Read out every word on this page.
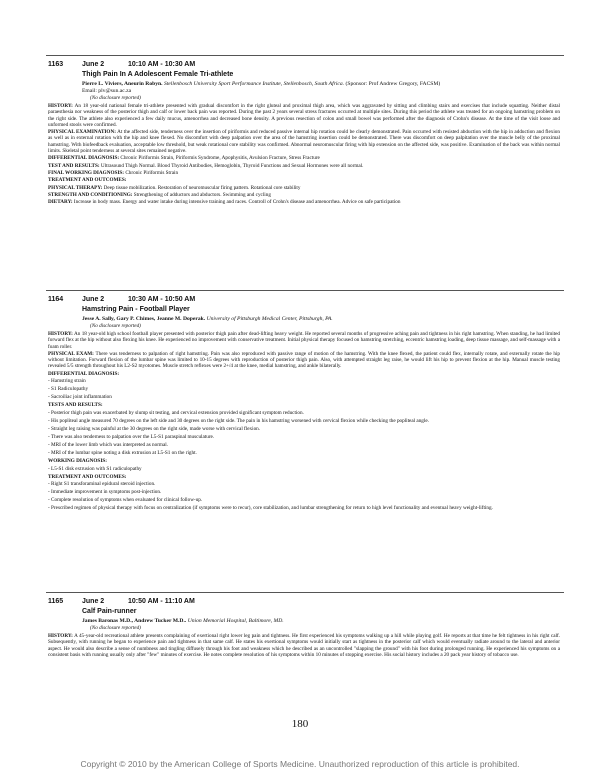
1163	June 2	10:10 AM - 10:30 AM
Thigh Pain In A Adolescent Female Tri-athlete
Pierre L. Viviers, Aneurin Robyn. Stellenbosch University Sport Performance Institute, Stellenbosch, South Africa. (Sponsor: Prof Andrew Gregory, FACSM)
Email: plv@sun.ac.za
(No disclosure reported)

HISTORY: An 18 year-old national female tri-athlete presented with gradual discomfort in the right gluteal and proximal thigh area, which was aggravated by sitting and climbing stairs and exercises that include squatting. Neither distal paraesthesia nor weakness of the posterior thigh and calf or lower back pain was reported. During the past 2 years several stress fractures occurred at multiple sites. During this period the athlete was treated for an ongoing hamstring problem on the right side. The athlete also experienced a few daily mucus, amenorrhea and decreased bone density. A previous resection of colon and small bowel was performed after the diagnosis of Crohn's disease. At the time of the visit loose and unformed stools were confirmed.

PHYSICAL EXAMINATION: At the affected side, tenderness over the insertion of piriformis and reduced passive internal hip rotation could be clearly demonstrated. Pain occurred with resisted abduction with the hip in adduction and flexion as well as in external rotation with the hip and knee flexed. No discomfort with deep palpation over the area of the hamstring insertion could be demonstrated. There was discomfort on deep palpitation over the muscle belly of the proximal hamstring. With biofeedback evaluation, acceptable low threshold, but weak rotational core stability was confirmed. Abnormal neuromuscular firing with hip extension on the affected side, was positive. Examination of the back was within normal limits. Skeletal point tenderness at several sites remained negative.

DIFFERENTIAL DIAGNOSIS: Chronic Piriformis Strain, Piriformis Syndrome, Apophysitis, Avulsion Fracture, Stress Fracture

TEST AND RESULTS: Ultrasound Thigh Normal. Blood Thyroid Antibodies, Hemoglobin, Thyroid Functions and Sexual Hormones were all normal.

FINAL WORKING DIAGNOSIS: Chronic Piriformis Strain

TREATMENT AND OUTCOMES:

PHYSICAL THERAPY: Deep tissue mobilization. Restoration of neuromuscular firing pattern. Rotational core stability

STRENGTH AND CONDITIONING: Strengthening of adductors and abductors. Swimming and cycling

DIETARY: Increase in body mass. Energy and water intake during intensive training and races. Controll of Crohn's disease and amenorrhea. Advice on safe participation

1164	June 2	10:30 AM - 10:50 AM
Hamstring Pain - Football Player
Jesse A. Sally, Gary P. Chimes, Jeanne M. Doperak. University of Pittsburgh Medical Center, Pittsburgh, PA.
(No disclosure reported)

HISTORY: An 18 year-old high school football player presented with posterior thigh pain after dead-lifting heavy weight. He reported several months of progressive aching pain and tightness in his right hamstring. When standing, he had limited forward flex at the hip without also flexing his knee. He experienced no improvement with conservative treatment. Initial physical therapy focused on hamstring stretching, eccentric hamstring loading, deep tissue massage, and self-massage with a foam roller.

PHYSICAL EXAM: There was tenderness to palpation of right hamstring. Pain was also reproduced with passive range of motion of the hamstring. With the knee flexed, the patient could flex, internally rotate, and externally rotate the hip without limitation. Forward flexion of the lumbar spine was limited to 10-15 degrees with reproduction of posterior thigh pain. Also, with attempted straight leg raise, he would lift his hip to prevent flexion at the hip. Manual muscle testing revealed 5/5 strength throughout his L2-S2 myotomes. Muscle stretch reflexes were 2+/4 at the knee, medial hamstring, and ankle bilaterally.

DIFFERENTIAL DIAGNOSIS:

- Hamstring strain

- S1 Radiculopathy

- Sacroiliac joint inflammation

TESTS AND RESULTS:

- Posterior thigh pain was exacerbated by slump sit testing, and cervical extension provided significant symptom reduction.

- His popliteal angle measured 70 degrees on the left side and 30 degrees on the right side. The pain in his hamstring worsened with cervical flexion while checking the popliteal angle.

- Straight leg raising was painful at the 30 degrees on the right side, made worse with cervical flexion.

- There was also tenderness to palpation over the L5-S1 paraspinal musculature.

- MRI of the lower limb which was interpreted as normal.

- MRI of the lumbar spine noting a disk extrusion at L5-S1 on the right.

WORKING DIAGNOSIS:

- L5-S1 disk extrusion with S1 radiculopathy

TREATMENT AND OUTCOMES:

- Right S1 transforaminal epidural steroid injection.

- Immediate improvement in symptoms post-injection.

- Complete resolution of symptoms when evaluated for clinical follow-up.

- Prescribed regimen of physical therapy with focus on centralization (if symptoms were to recur), core stabilization, and lumbar strengthening for return to high level functionality and eventual heavy weight-lifting.

1165	June 2	10:50 AM - 11:10 AM
Calf Pain-runner
James Baronas M.D., Andrew Tucker M.D.. Union Memorial Hospital, Baltimore, MD.
(No disclosure reported)

HISTORY: A 45-year-old recreational athlete presents complaining of exertional right lower leg pain and tightness. He first experienced his symptoms walking up a hill while playing golf. He reports at that time he felt tightness in his right calf. Subsequently, with running he began to experience pain and tightness in that same calf. He states his exertional symptoms would initially start as tightness in the posterior calf which would eventually radiate around to the lateral and anterior aspect. He would also describe a sense of numbness and tingling diffusely through his foot and weakness which he described as an uncontrolled "slapping the ground" with his foot during prolonged running. He experienced his symptoms on a consistent basis with running usually only after "few" minutes of exercise. He notes complete resolution of his symptoms within 10 minutes of stopping exercise. His social history includes a 20 pack year history of tobacco use.

180
Copyright © 2010 by the American College of Sports Medicine. Unauthorized reproduction of this article is prohibited.
